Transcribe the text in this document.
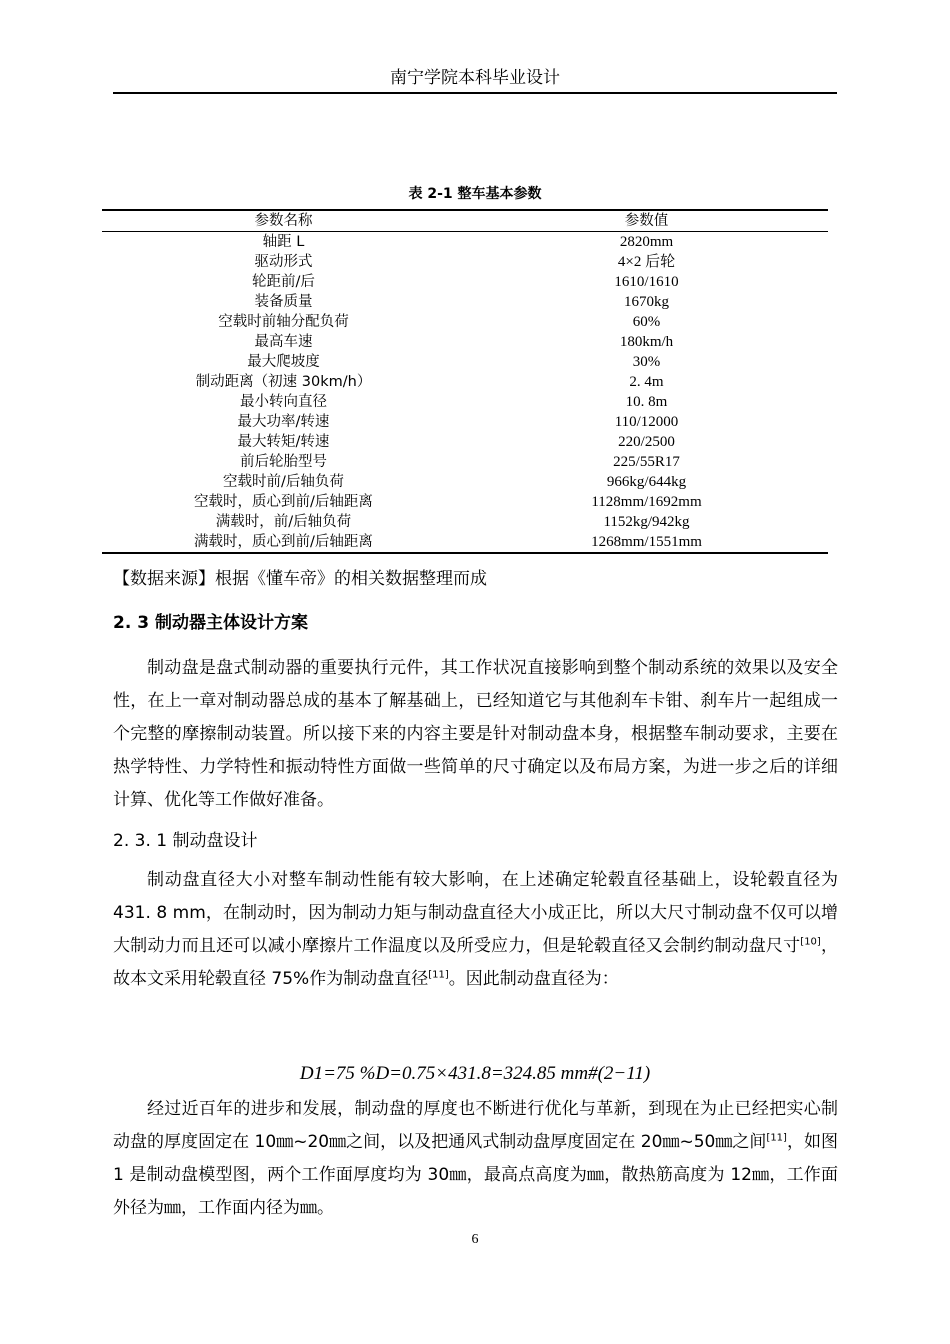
南宁学院本科毕业设计
表 2-1 整车基本参数
参数名称	参数值
轴距 L	2820mm
驱动形式	4×2 后轮
轮距前/后	1610/1610
装备质量	1670kg
空载时前轴分配负荷	60%
最高车速	180km/h
最大爬坡度	30%
制动距离（初速 30km/h）	2. 4m
最小转向直径	10. 8m
最大功率/转速	110/12000
最大转矩/转速	220/2500
前后轮胎型号	225/55R17
空载时前/后轴负荷	966kg/644kg
空载时，质心到前/后轴距离	1128mm/1692mm
满载时，前/后轴负荷	1152kg/942kg
满载时，质心到前/后轴距离	1268mm/1551mm
【数据来源】根据《懂车帝》的相关数据整理而成
2. 3 制动器主体设计方案

制动盘是盘式制动器的重要执行元件，其工作状况直接影响到整个制动系统的效果以及安全性，在上一章对制动器总成的基本了解基础上，已经知道它与其他刹车卡钳、刹车片一起组成一个完整的摩擦制动装置。所以接下来的内容主要是针对制动盘本身，根据整车制动要求，主要在热学特性、力学特性和振动特性方面做一些简单的尺寸确定以及布局方案，为进一步之后的详细计算、优化等工作做好准备。

2. 3. 1 制动盘设计

制动盘直径大小对整车制动性能有较大影响，在上述确定轮毂直径基础上，设轮毂直径为 431. 8 mm，在制动时，因为制动力矩与制动盘直径大小成正比，所以大尺寸制动盘不仅可以增大制动力而且还可以减小摩擦片工作温度以及所受应力，但是轮毂直径又会制约制动盘尺寸[10]，故本文采用轮毂直径 75%作为制动盘直径[11]。因此制动盘直径为：

D1=75 %D=0.75×431.8=324.85 mm#(2−11)

经过近百年的进步和发展，制动盘的厚度也不断进行优化与革新，到现在为止已经把实心制动盘的厚度固定在 10㎜~20㎜之间，以及把通风式制动盘厚度固定在 20㎜~50㎜之间[11]，如图 1 是制动盘模型图，两个工作面厚度均为 30㎜，最高点高度为㎜，散热筋高度为 12㎜，工作面外径为㎜，工作面内径为㎜。

6
